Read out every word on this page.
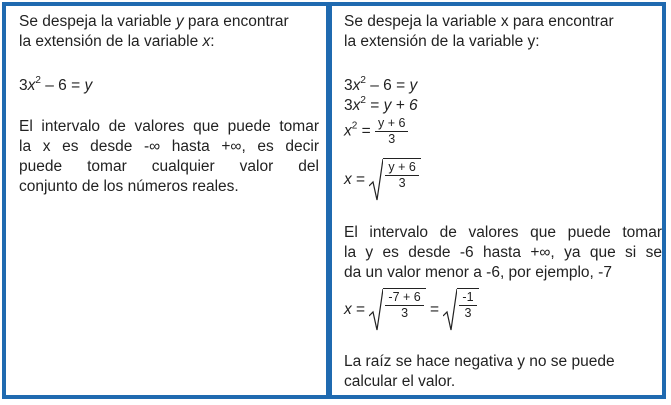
Se despeja la variable y para encontrar
la extensión de la variable x:
$3x^2 - 6 = y$
El intervalo de valores que puede tomar
la x es desde -∞ hasta +∞, es decir
puede tomar cualquier valor del
conjunto de los números reales.
Se despeja la variable x para encontrar
la extensión de la variable y:
$3x^2 - 6 = y$
$3x^2 = y + 6$
$x^2 = \frac{y + 6}{3}$
$x = \frac{y + 6}{3}$
El intervalo de valores que puede tomar
la y es desde -6 hasta +∞, ya que si se
da un valor menor a -6, por ejemplo, -7
$x = \frac{-7 + 6}{3} = \frac{-1}{3}$
La raíz se hace negativa y no se puede
calcular el valor.
